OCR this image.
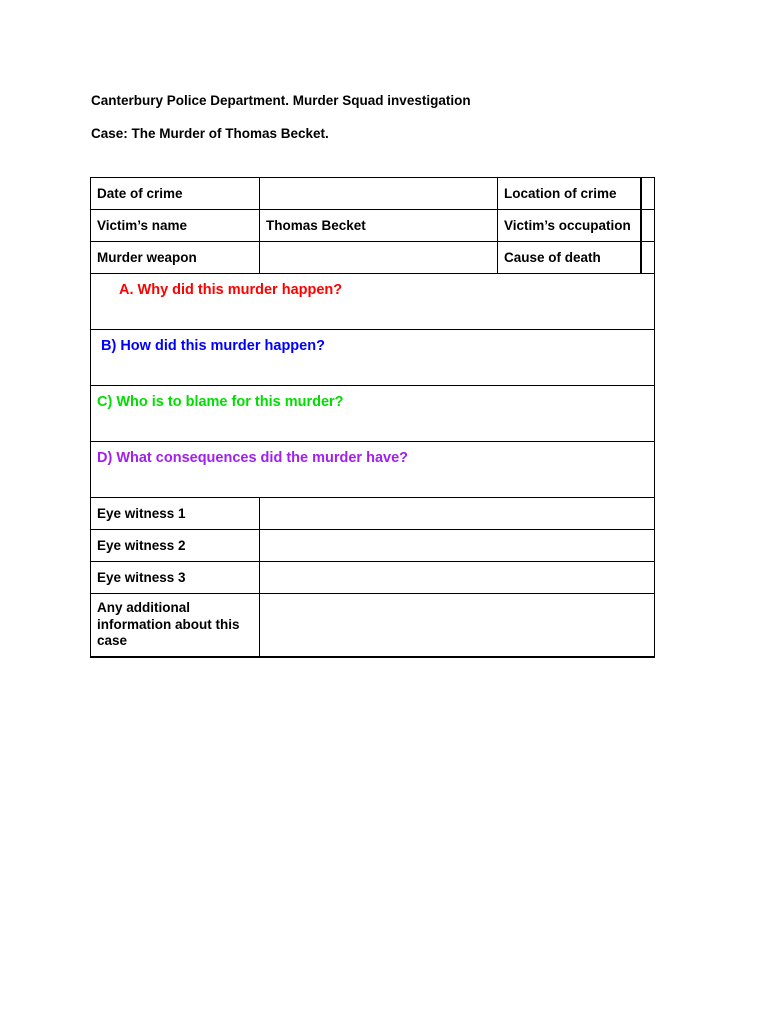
Canterbury Police Department. Murder Squad investigation
Case: The Murder of Thomas Becket.
Date of crime		Location of crime	
Victim’s name	Thomas Becket	Victim’s occupation	
Murder weapon		Cause of death	
A. Why did this murder happen?			
B) How did this murder happen?			
C) Who is to blame for this murder?			
D) What consequences did the murder have?			
Eye witness 1			
Eye witness 2			
Eye witness 3			
Any additional information about this case			
